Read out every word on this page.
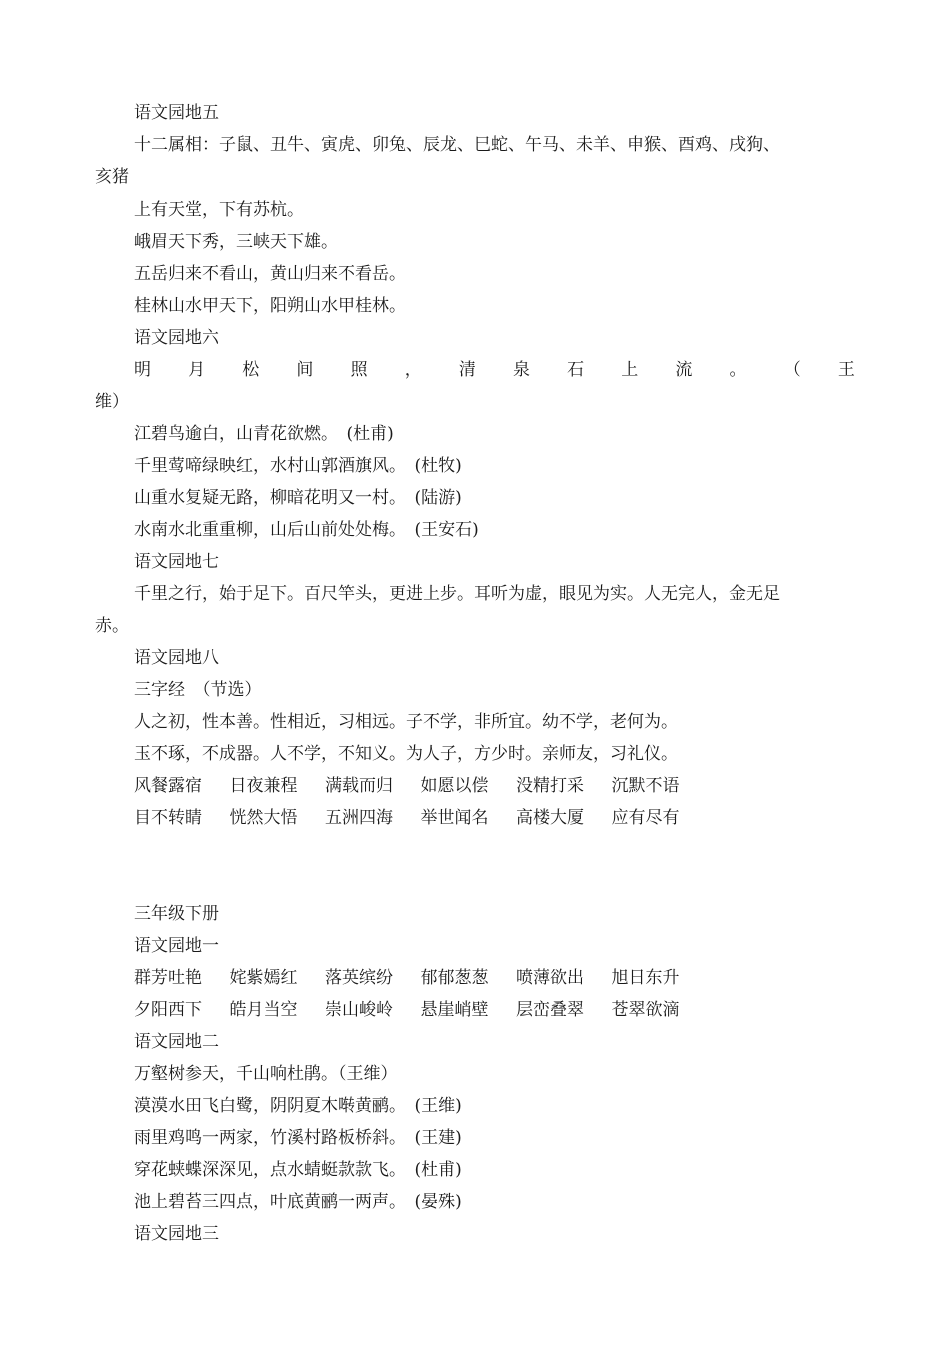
语文园地五
十二属相：子鼠、丑牛、寅虎、卯兔、辰龙、巳蛇、午马、未羊、申猴、酉鸡、戌狗、
亥猪
上有天堂，下有苏杭。
峨眉天下秀，三峡天下雄。
五岳归来不看山，黄山归来不看岳。
桂林山水甲天下，阳朔山水甲桂林。
语文园地六
明 月 松 间 照 ， 清 泉 石 上 流 。 （ 王
维）
江碧鸟逾白，山青花欲燃。　(杜甫)
千里莺啼绿映红，水村山郭酒旗风。　(杜牧)
山重水复疑无路，柳暗花明又一村。　(陆游)
水南水北重重柳，山后山前处处梅。　(王安石)
语文园地七
千里之行，始于足下。百尺竿头，更进上步。耳听为虚，眼见为实。人无完人，金无足
赤。
语文园地八
三字经　（节选）
人之初，性本善。性相近，习相远。子不学，非所宜。幼不学，老何为。
玉不琢，不成器。人不学，不知义。为人子，方少时。亲师友，习礼仪。
风餐露宿	日夜兼程	满载而归	如愿以偿	没精打采	沉默不语
目不转睛	恍然大悟	五洲四海	举世闻名	高楼大厦	应有尽有
三年级下册
语文园地一
群芳吐艳	姹紫嫣红	落英缤纷	郁郁葱葱	喷薄欲出	旭日东升
夕阳西下	皓月当空	崇山峻岭	悬崖峭壁	层峦叠翠	苍翠欲滴
语文园地二
万壑树参天，千山响杜鹃。（王维）
漠漠水田飞白鹭，阴阴夏木啭黄鹂。　(王维)
雨里鸡鸣一两家，竹溪村路板桥斜。　(王建)
穿花蛱蝶深深见，点水蜻蜓款款飞。　(杜甫)
池上碧苔三四点，叶底黄鹂一两声。　(晏殊)
语文园地三
